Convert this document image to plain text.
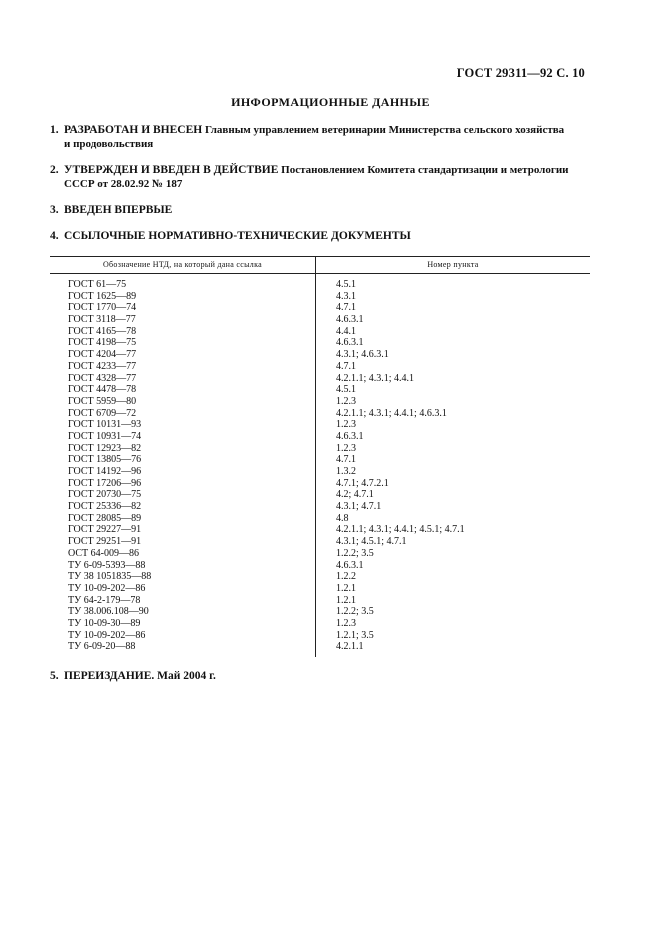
ГОСТ 29311—92 С. 10
ИНФОРМАЦИОННЫЕ ДАННЫЕ
1. РАЗРАБОТАН И ВНЕСЕН Главным управлением ветеринарии Министерства сельского хозяйства
и продовольствия
2. УТВЕРЖДЕН И ВВЕДЕН В ДЕЙСТВИЕ Постановлением Комитета стандартизации и метрологии
СССР от 28.02.92 № 187
3. ВВЕДЕН ВПЕРВЫЕ
4. ССЫЛОЧНЫЕ НОРМАТИВНО-ТЕХНИЧЕСКИЕ ДОКУМЕНТЫ
Обозначение НТД, на который дана ссылка	Номер пункта
ГОСТ 61—75	4.5.1
ГОСТ 1625—89	4.3.1
ГОСТ 1770—74	4.7.1
ГОСТ 3118—77	4.6.3.1
ГОСТ 4165—78	4.4.1
ГОСТ 4198—75	4.6.3.1
ГОСТ 4204—77	4.3.1; 4.6.3.1
ГОСТ 4233—77	4.7.1
ГОСТ 4328—77	4.2.1.1; 4.3.1; 4.4.1
ГОСТ 4478—78	4.5.1
ГОСТ 5959—80	1.2.3
ГОСТ 6709—72	4.2.1.1; 4.3.1; 4.4.1; 4.6.3.1
ГОСТ 10131—93	1.2.3
ГОСТ 10931—74	4.6.3.1
ГОСТ 12923—82	1.2.3
ГОСТ 13805—76	4.7.1
ГОСТ 14192—96	1.3.2
ГОСТ 17206—96	4.7.1; 4.7.2.1
ГОСТ 20730—75	4.2; 4.7.1
ГОСТ 25336—82	4.3.1; 4.7.1
ГОСТ 28085—89	4.8
ГОСТ 29227—91	4.2.1.1; 4.3.1; 4.4.1; 4.5.1; 4.7.1
ГОСТ 29251—91	4.3.1; 4.5.1; 4.7.1
ОСТ 64-009—86	1.2.2; 3.5
ТУ 6-09-5393—88	4.6.3.1
ТУ 38 1051835—88	1.2.2
ТУ 10-09-202—86	1.2.1
ТУ 64-2-179—78	1.2.1
ТУ 38.006.108—90	1.2.2; 3.5
ТУ 10-09-30—89	1.2.3
ТУ 10-09-202—86	1.2.1; 3.5
ТУ 6-09-20—88	4.2.1.1
5. ПЕРЕИЗДАНИЕ. Май 2004 г.
